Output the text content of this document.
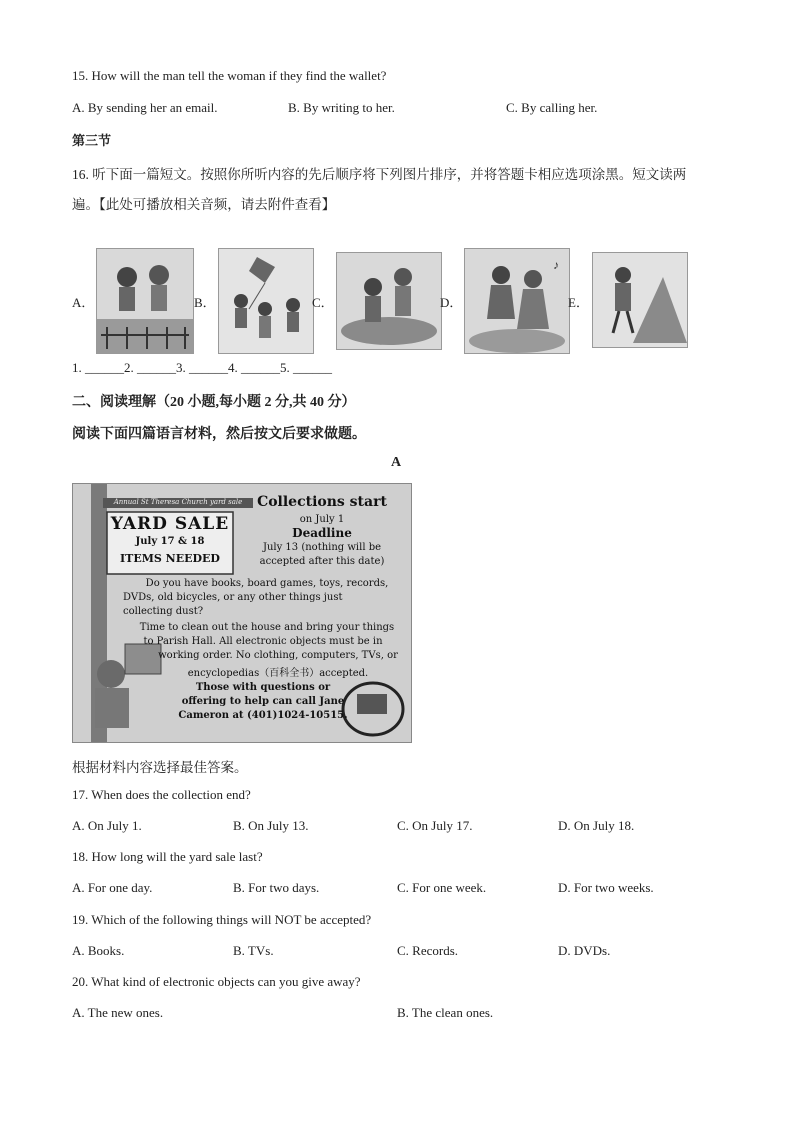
15. How will the man tell the woman if they find the wallet?
A. By sending her an email.	B. By writing to her.	C. By calling her.
第三节
16. 听下面一篇短文。按照你所听内容的先后顺序将下列图片排序，并将答题卡相应选项涂黑。短文读两
遍。【此处可播放相关音频，请去附件查看】
A．	B．	C．	D．
♪
E．
1. ______2. ______3. ______4. ______5. ______
二、阅读理解（20 小题,每小题 2 分,共 40 分）
阅读下面四篇语言材料，然后按文后要求做题。
A
Annual St Theresa Church yard sale
YARD SALE
July 17 & 18
ITEMS NEEDED
Collections start
on July 1
Deadline
July 13 (nothing will be
accepted after this date)
Do you have books, board games, toys, records,
DVDs, old bicycles, or any other things just
collecting dust?
Time to clean out the house and bring your things
to Parish Hall. All electronic objects must be in
working order. No clothing, computers, TVs, or
encyclopedias（百科全书）accepted.
Those with questions or
offering to help can call Jane
Cameron at (401)1024-10515.
根据材料内容选择最佳答案。
17. When does the collection end?
A. On July 1.	B. On July 13.	C. On July 17.	D. On July 18.
18. How long will the yard sale last?
A. For one day.	B. For two days.	C. For one week.	D. For two weeks.
19. Which of the following things will NOT be accepted?
A. Books.	B. TVs.	C. Records.	D. DVDs.
20. What kind of electronic objects can you give away?
A. The new ones.	B. The clean ones.
